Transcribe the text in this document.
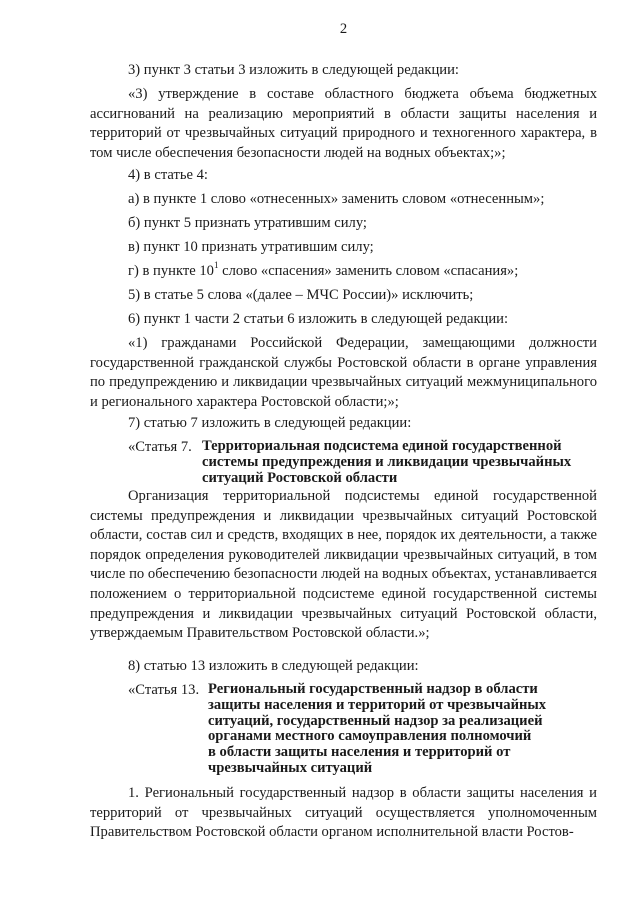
2
3) пункт 3 статьи 3 изложить в следующей редакции:
«3) утверждение в составе областного бюджета объема бюджетных ассигнований на реализацию мероприятий в области защиты населения и территорий от чрезвычайных ситуаций природного и техногенного характера, в том числе обеспечения безопасности людей на водных объектах;»;
4) в статье 4:
а) в пункте 1 слово «отнесенных» заменить словом «отнесенным»;
б) пункт 5 признать утратившим силу;
в) пункт 10 признать утратившим силу;
г) в пункте $10^1$ слово «спасения» заменить словом «спасания»;
5) в статье 5 слова «(далее – МЧС России)» исключить;
6) пункт 1 части 2 статьи 6 изложить в следующей редакции:
«1) гражданами Российской Федерации, замещающими должности государственной гражданской службы Ростовской области в органе управления по предупреждению и ликвидации чрезвычайных ситуаций межмуниципального и регионального характера Ростовской области;»;
7) статью 7 изложить в следующей редакции:
«Статья 7. Территориальная подсистема единой государственной
системы предупреждения и ликвидации чрезвычайных
ситуаций Ростовской области
Организация территориальной подсистемы единой государственной системы предупреждения и ликвидации чрезвычайных ситуаций Ростовской области, состав сил и средств, входящих в нее, порядок их деятельности, а также порядок определения руководителей ликвидации чрезвычайных ситуаций, в том числе по обеспечению безопасности людей на водных объектах, устанавливается положением о территориальной подсистеме единой государственной системы предупреждения и ликвидации чрезвычайных ситуаций Ростовской области, утверждаемым Правительством Ростовской области.»;
8) статью 13 изложить в следующей редакции:
«Статья 13. Региональный государственный надзор в области
защиты населения и территорий от чрезвычайных
ситуаций, государственный надзор за реализацией
органами местного самоуправления полномочий
в области защиты населения и территорий от
чрезвычайных ситуаций
1. Региональный государственный надзор в области защиты населения и территорий от чрезвычайных ситуаций осуществляется уполномоченным Правительством Ростовской области органом исполнительной власти Ростов-
